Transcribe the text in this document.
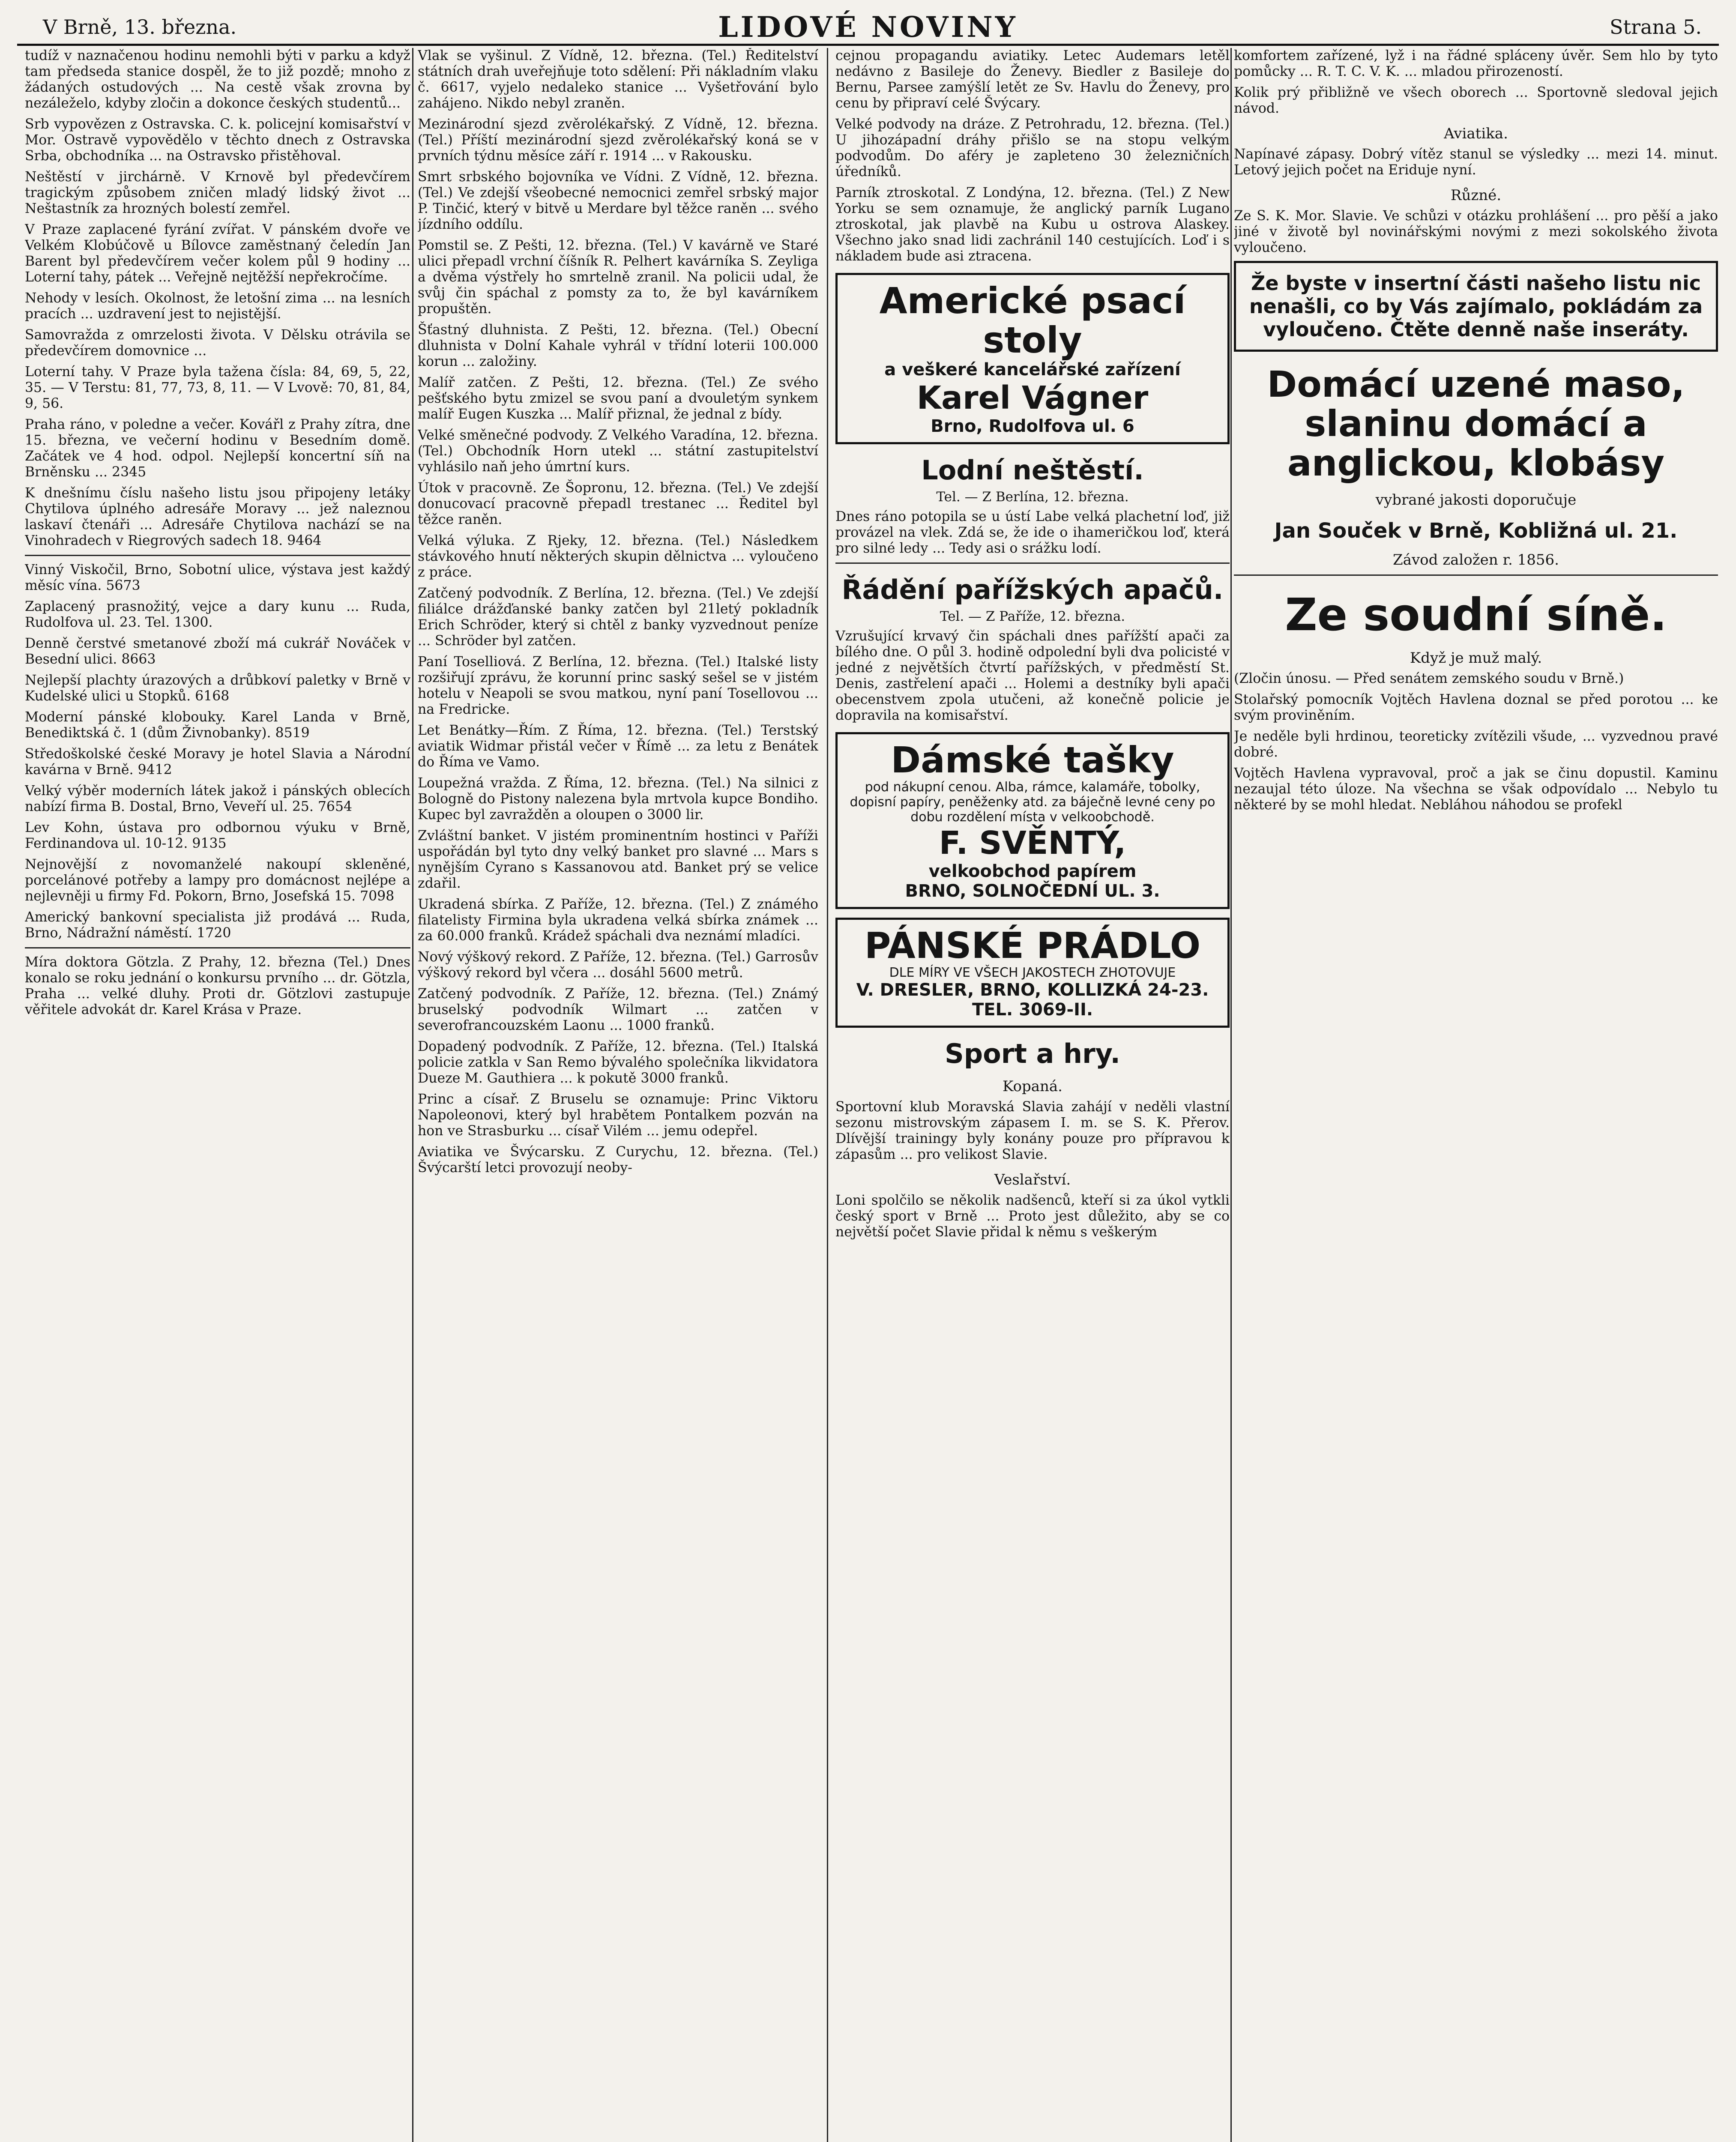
V Brně, 13. března.	LIDOVÉ NOVINY	Strana 5.

tudíž v naznačenou hodinu nemohli býti v parku a když tam předseda stanice dospěl, že to již pozdě; mnoho z žádaných ostudových ... Na cestě však zrovna by nezáleželo, kdyby zločin a dokonce českých studentů...

Srb vypovězen z Ostravska. C. k. policejní komisařství v Mor. Ostravě vypovědělo v těchto dnech z Ostravska Srba, obchodníka ... na Ostravsko přistěhoval.

Neštěstí v jirchárně. V Krnově byl předevčírem tragickým způsobem zničen mladý lidský život ... Neštastník za hrozných bolestí zemřel.

V Praze zaplacené fyrání zvířat. V pánském dvoře ve Velkém Klobúčově u Bílovce zaměstnaný čeledín Jan Barent byl předevčírem večer kolem půl 9 hodiny ... Loterní tahy, pátek ... Veřejně nejtěžší nepřekročíme.

Nehody v lesích. Okolnost, že letošní zima ... na lesních pracích ... uzdravení jest to nejistější.

Samovražda z omrzelosti života. V Dělsku otrávila se předevčírem domovnice ...

Loterní tahy. V Praze byla tažena čísla: 84, 69, 5, 22, 35. — V Terstu: 81, 77, 73, 8, 11. — V Lvově: 70, 81, 84, 9, 56.

Praha ráno, v poledne a večer. Kovářl z Prahy zítra, dne 15. března, ve večerní hodinu v Besedním domě. Začátek ve 4 hod. odpol. Nejlepší koncertní síň na Brněnsku ... 2345

K dnešnímu číslu našeho listu jsou připojeny letáky Chytilova úplného adresáře Moravy ... jež naleznou laskaví čtenáři ... Adresáře Chytilova nachází se na Vinohradech v Riegrových sadech 18. 9464

Vinný Viskočil, Brno, Sobotní ulice, výstava jest každý měsíc vína. 5673

Zaplacený prasnožitý, vejce a dary kunu ... Ruda, Rudolfova ul. 23. Tel. 1300.

Denně čerstvé smetanové zboží má cukrář Nováček v Besední ulici. 8663

Nejlepší plachty úrazových a drůbkoví paletky v Brně v Kudelské ulici u Stopků. 6168

Moderní pánské klobouky. Karel Landa v Brně, Benediktská č. 1 (dům Živnobanky). 8519

Středoškolské české Moravy je hotel Slavia a Národní kavárna v Brně. 9412

Velký výběr moderních látek jakož i pánských oblecích nabízí firma B. Dostal, Brno, Veveří ul. 25. 7654

Lev Kohn, ústava pro odbornou výuku v Brně, Ferdinandova ul. 10-12. 9135

Nejnovější z novomanželé nakoupí skleněné, porcelánové potřeby a lampy pro domácnost nejlépe a nejlevněji u firmy Fd. Pokorn, Brno, Josefská 15. 7098

Americký bankovní specialista již prodává ... Ruda, Brno, Nádražní náměstí. 1720

Míra doktora Götzla. Z Prahy, 12. března (Tel.) Dnes konalo se roku jednání o konkursu prvního ... dr. Götzla, Praha ... velké dluhy. Proti dr. Götzlovi zastupuje věřitele advokát dr. Karel Krása v Praze.

Vlak se vyšinul. Z Vídně, 12. března. (Tel.) Ředitelství státních drah uveřejňuje toto sdělení: Při nákladním vlaku č. 6617, vyjelo nedaleko stanice ... Vyšetřování bylo zahájeno. Nikdo nebyl zraněn.

Mezinárodní sjezd zvěrolékařský. Z Vídně, 12. března. (Tel.) Příští mezinárodní sjezd zvěrolékařský koná se v prvních týdnu měsíce září r. 1914 ... v Rakousku.

Smrt srbského bojovníka ve Vídni. Z Vídně, 12. března. (Tel.) Ve zdejší všeobecné nemocnici zemřel srbský major P. Tinčić, který v bitvě u Merdare byl těžce raněn ... svého jízdního oddílu.

Pomstil se. Z Pešti, 12. března. (Tel.) V kavárně ve Staré ulici přepadl vrchní číšník R. Pelhert kavárníka S. Zeyliga a dvěma výstřely ho smrtelně zranil. Na policii udal, že svůj čin spáchal z pomsty za to, že byl kavárníkem propuštěn.

Šťastný dluhnista. Z Pešti, 12. března. (Tel.) Obecní dluhnista v Dolní Kahale vyhrál v třídní loterii 100.000 korun ... založiny.

Malíř zatčen. Z Pešti, 12. března. (Tel.) Ze svého pešťského bytu zmizel se svou paní a dvouletým synkem malíř Eugen Kuszka ... Malíř přiznal, že jednal z bídy.

Velké směnečné podvody. Z Velkého Varadína, 12. března. (Tel.) Obchodník Horn utekl ... státní zastupitelství vyhlásilo naň jeho úmrtní kurs.

Útok v pracovně. Ze Šopronu, 12. března. (Tel.) Ve zdejší donucovací pracovně přepadl trestanec ... Ředitel byl těžce raněn.

Velká výluka. Z Rjeky, 12. března. (Tel.) Následkem stávkového hnutí některých skupin dělnictva ... vyloučeno z práce.

Zatčený podvodník. Z Berlína, 12. března. (Tel.) Ve zdejší filiálce drážďanské banky zatčen byl 21letý pokladník Erich Schröder, který si chtěl z banky vyzvednout peníze ... Schröder byl zatčen.

Paní Toselliová. Z Berlína, 12. března. (Tel.) Italské listy rozšiřují zprávu, že korunní princ saský sešel se v jistém hotelu v Neapoli se svou matkou, nyní paní Tosellovou ... na Fredricke.

Let Benátky—Řím. Z Říma, 12. března. (Tel.) Terstský aviatik Widmar přistál večer v Římě ... za letu z Benátek do Říma ve Vamo.

Loupežná vražda. Z Říma, 12. března. (Tel.) Na silnici z Bologně do Pistony nalezena byla mrtvola kupce Bondiho. Kupec byl zavražděn a oloupen o 3000 lir.

Zvláštní banket. V jistém prominentním hostinci v Paříži uspořádán byl tyto dny velký banket pro slavné ... Mars s nynějším Cyrano s Kassanovou atd. Banket prý se velice zdařil.

Ukradená sbírka. Z Paříže, 12. března. (Tel.) Z známého filatelisty Firmina byla ukradena velká sbírka známek ... za 60.000 franků. Krádež spáchali dva neznámí mladíci.

Nový výškový rekord. Z Paříže, 12. března. (Tel.) Garrosův výškový rekord byl včera ... dosáhl 5600 metrů.

Zatčený podvodník. Z Paříže, 12. března. (Tel.) Známý bruselský podvodník Wilmart ... zatčen v severofrancouzském Laonu ... 1000 franků.

Dopadený podvodník. Z Paříže, 12. března. (Tel.) Italská policie zatkla v San Remo bývalého společníka likvidatora Dueze M. Gauthiera ... k pokutě 3000 franků.

Princ a císař. Z Bruselu se oznamuje: Princ Viktoru Napoleonovi, který byl hrabětem Pontalkem pozván na hon ve Strasburku ... císař Vilém ... jemu odepřel.

Aviatika ve Švýcarsku. Z Curychu, 12. března. (Tel.) Švýcarští letci provozují neoby-

cejnou propagandu aviatiky. Letec Audemars letěl nedávno z Basileje do Ženevy. Biedler z Basileje do Bernu, Parsee zamýšlí letět ze Sv. Havlu do Ženevy, pro cenu by připraví celé Švýcary.

Velké podvody na dráze. Z Petrohradu, 12. března. (Tel.) U jihozápadní dráhy přišlo se na stopu velkým podvodům. Do aféry je zapleteno 30 železničních úředníků.

Parník ztroskotal. Z Londýna, 12. března. (Tel.) Z New Yorku se sem oznamuje, že anglický parník Lugano ztroskotal, jak plavbě na Kubu u ostrova Alaskey. Všechno jako snad lidi zachránil 140 cestujících. Loď i s nákladem bude asi ztracena.

Americké psací stoly
a veškeré kancelářské zařízení
Karel Vágner
Brno, Rudolfova ul. 6
Lodní neštěstí.
Tel. — Z Berlína, 12. března.

Dnes ráno potopila se u ústí Labe velká plachetní loď, již provázel na vlek. Zdá se, že ide o ihameričkou loď, která pro silné ledy ... Tedy asi o srážku lodí.

Řádění pařížských apačů.
Tel. — Z Paříže, 12. března.

Vzrušující krvavý čin spáchali dnes pařížští apači za bílého dne. O půl 3. hodině odpolední byli dva policisté v jedné z největších čtvrtí pařížských, v předměstí St. Denis, zastřelení apači ... Holemi a destníky byli apači obecenstvem zpola utučeni, až konečně policie je dopravila na komisařství.

Dámské tašky
pod nákupní cenou. Alba, rámce, kalamáře, tobolky, dopisní papíry, peněženky atd. za báječně levné ceny po dobu rozdělení místa v velkoobchodě.
F. SVĚNTÝ,
velkoobchod papírem
BRNO, SOLNOČEDNÍ UL. 3.
PÁNSKÉ PRÁDLO
DLE MÍRY VE VŠECH JAKOSTECH ZHOTOVUJE
V. DRESLER, BRNO, KOLLIZKÁ 24-23. TEL. 3069-II.
Sport a hry.
Kopaná.

Sportovní klub Moravská Slavia zahájí v neděli vlastní sezonu mistrovským zápasem I. m. se S. K. Přerov. Dlívější trainingy byly konány pouze pro přípravou k zápasům ... pro velikost Slavie.

Veslařství.

Loni spolčilo se několik nadšenců, kteří si za úkol vytkli český sport v Brně ... Proto jest důležito, aby se co největší počet Slavie přidal k němu s veškerým

komfortem zařízené, lyž i na řádné spláceny úvěr. Sem hlo by tyto pomůcky ... R. T. C. V. K. ... mladou přirozeností.

Kolik prý přibližně ve všech oborech ... Sportovně sledoval jejich návod.

Aviatika.

Napínavé zápasy. Dobrý vítěz stanul se výsledky ... mezi 14. minut. Letový jejich počet na Eriduje nyní.

Různé.

Ze S. K. Mor. Slavie. Ve schůzi v otázku prohlášení ... pro pěší a jako jiné v životě byl novinářskými novými z mezi sokolského života vyloučeno.

Že byste v insertní části našeho listu nic nenašli, co by Vás zajímalo, pokládám za vyloučeno. Čtěte denně naše inseráty.
Domácí uzené maso, slaninu domácí a anglickou, klobásy
vybrané jakosti doporučuje
Jan Souček v Brně, Kobližná ul. 21.
Závod založen r. 1856.
Ze soudní síně.
Když je muž malý.

(Zločin únosu. — Před senátem zemského soudu v Brně.)

Stolařský pomocník Vojtěch Havlena doznal se před porotou ... ke svým proviněním.

Je neděle byli hrdinou, teoreticky zvítězili všude, ... vyzvednou pravé dobré.

Vojtěch Havlena vypravoval, proč a jak se činu dopustil. Kaminu nezaujal této úloze. Na všechna se však odpovídalo ... Nebylo tu některé by se mohl hledat. Nebláhou náhodou se profekl
